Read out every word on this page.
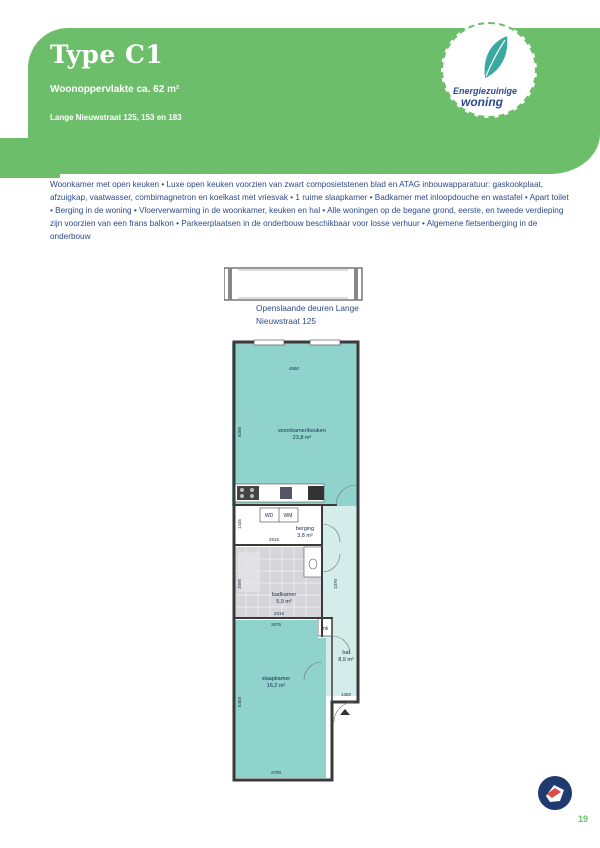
Type C1
Woonoppervlakte ca. 62 m²
Lange Nieuwstraat 125, 153 en 183
Energiezuinige
woning
Woonkamer met open keuken • Luxe open keuken voorzien van zwart composietstenen blad en ATAG inbouwapparatuur: gaskookplaat, afzuigkap, vaatwasser, combimagnetron en koelkast met vriesvak • 1 ruime slaapkamer • Badkamer met inloopdouche en wastafel • Apart toilet • Berging in de woning • Vloerverwarming in de woonkamer, keuken en hal • Alle woningen op de begane grond, eerste, en tweede verdieping zijn voorzien van een frans balkon • Parkeerplaatsen in de onderbouw beschikbaar voor losse verhuur • Algemene fietsenberging in de onderbouw
4550
6200
1445
2915
2095
2315
2675
1370
1350
5403
2700
woonkamer/keuken
23,8 m²
WD WM
berging
3,8 m²
badkamer
5,9 m²
mk
hal
8,9 m²
slaapkamer
16,2 m²
Openslaande deuren Lange
Nieuwstraat 125
19
